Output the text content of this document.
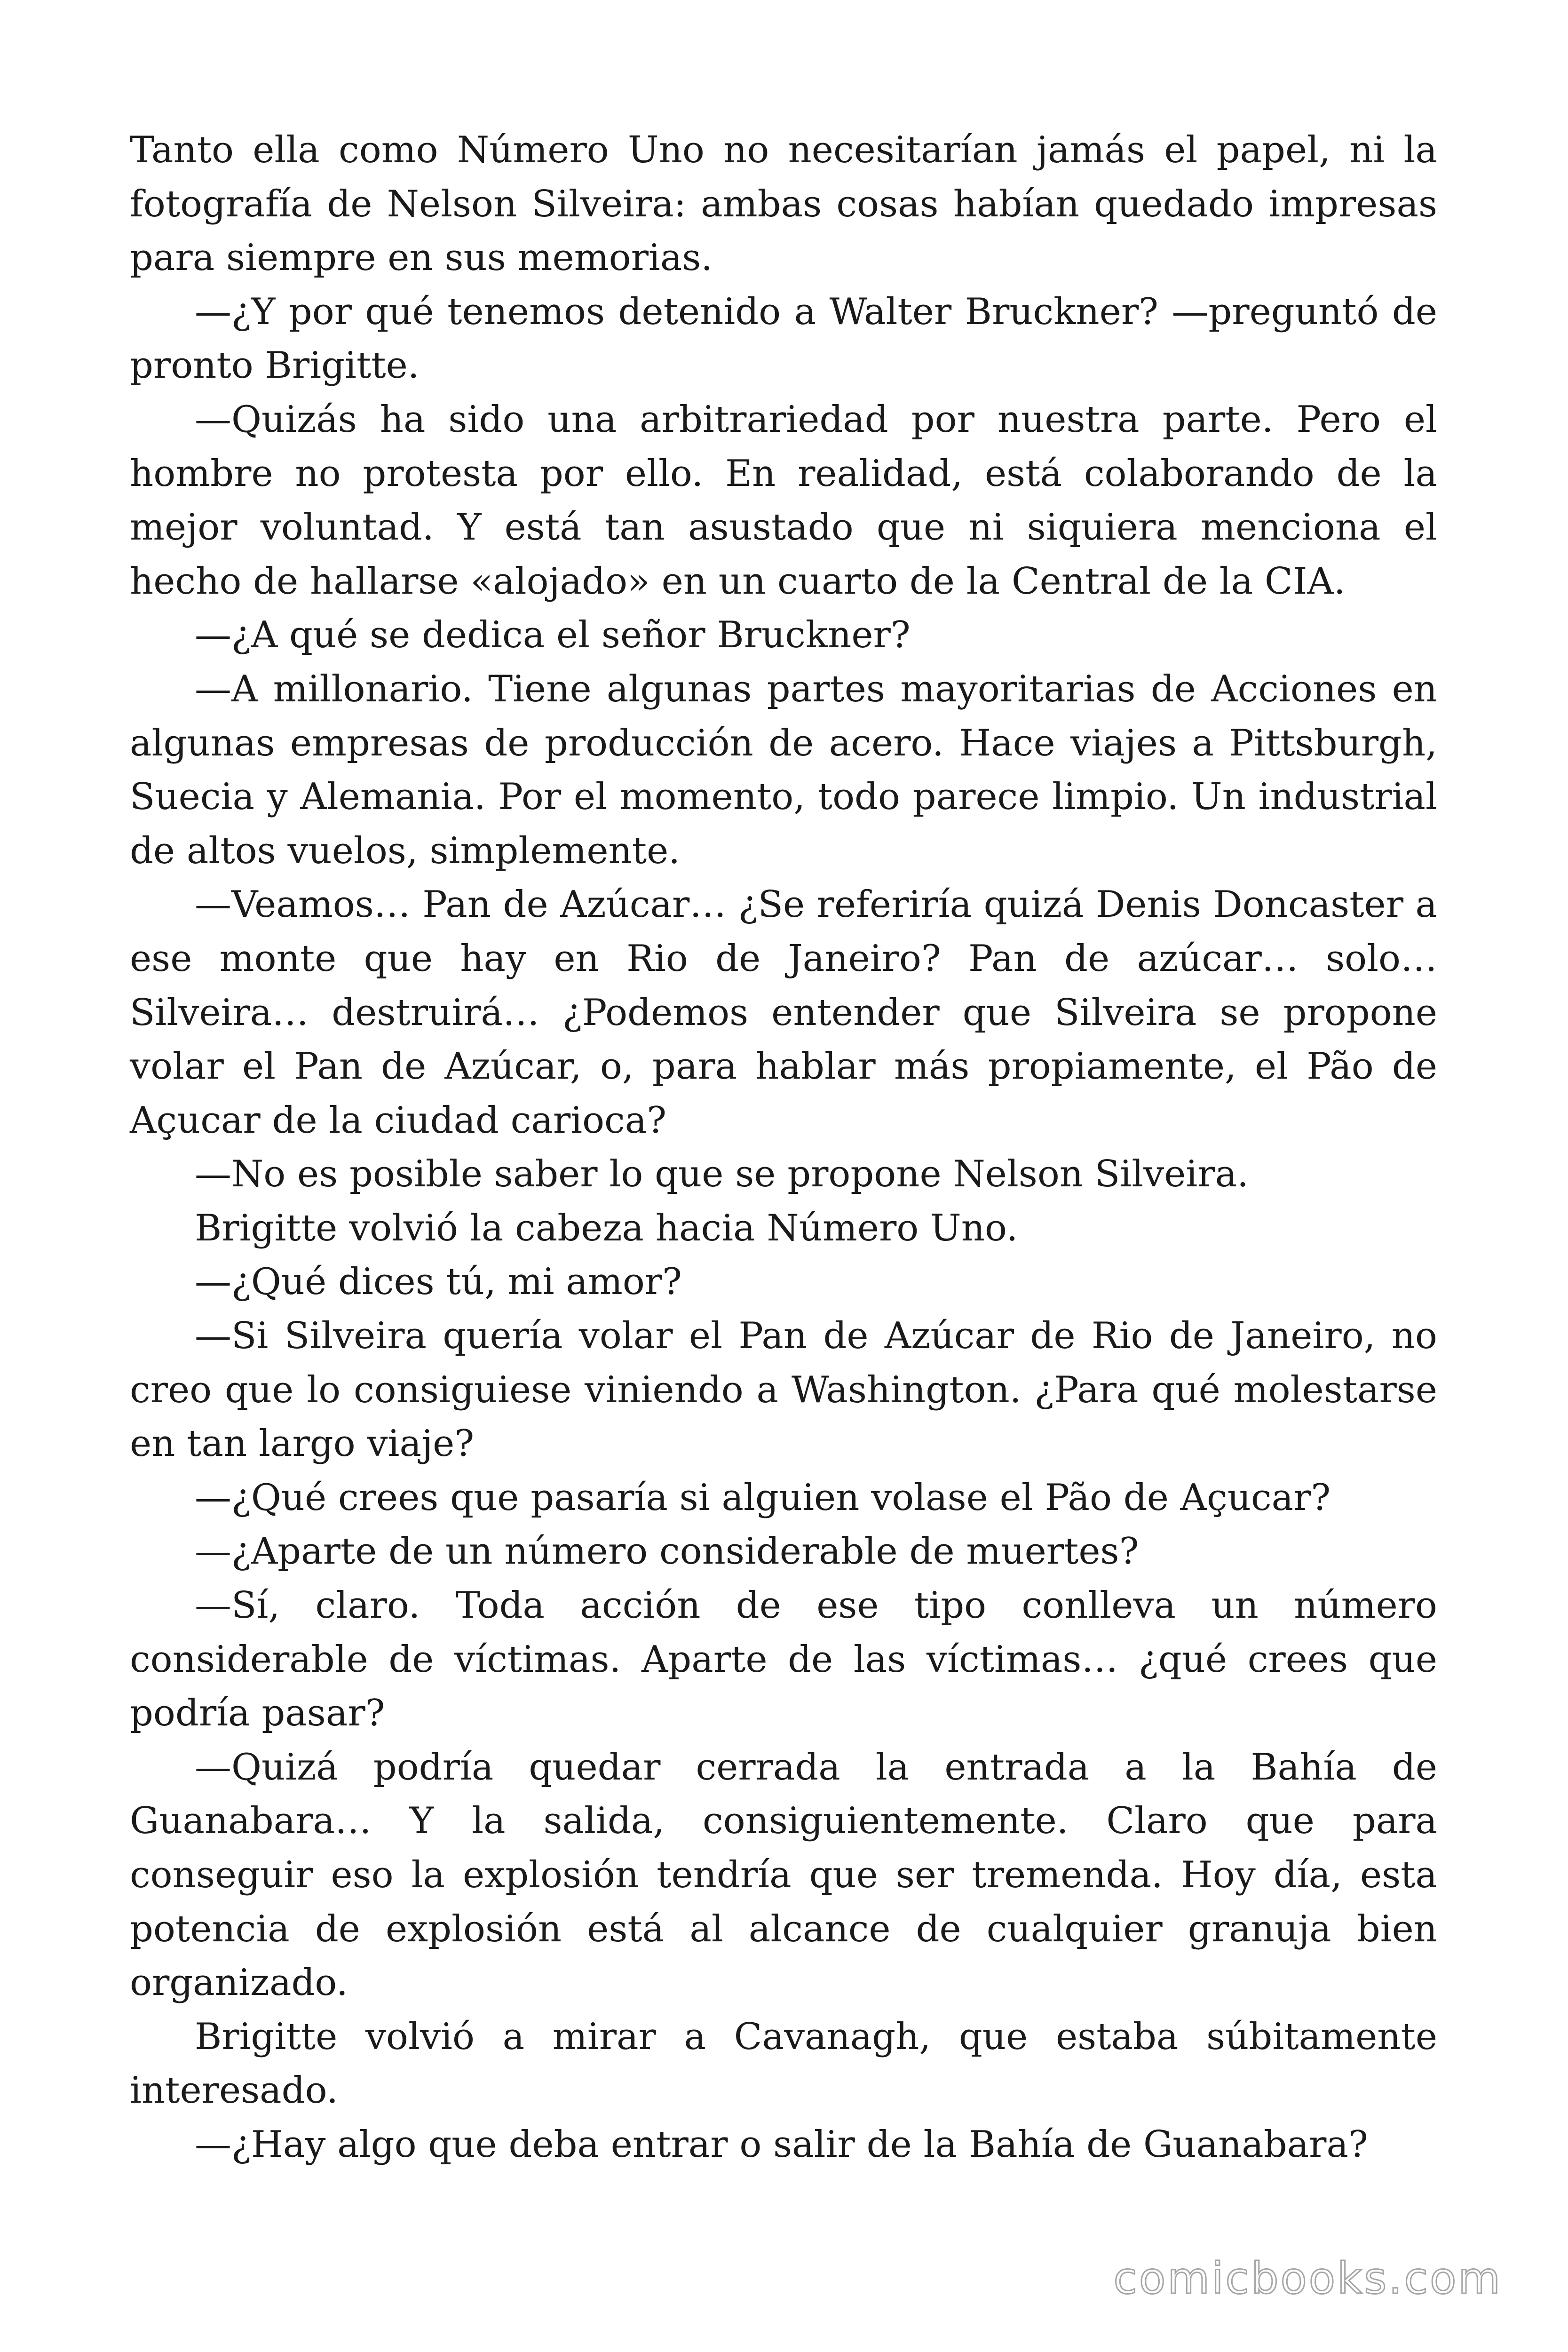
Tanto ella como Número Uno no necesitarían jamás el papel, ni la fotografía de Nelson Silveira: ambas cosas habían quedado impresas para siempre en sus memorias.

—¿Y por qué tenemos detenido a Walter Bruckner? —preguntó de pronto Brigitte.

—Quizás ha sido una arbitrariedad por nuestra parte. Pero el hombre no protesta por ello. En realidad, está colaborando de la mejor voluntad. Y está tan asustado que ni siquiera menciona el hecho de hallarse «alojado» en un cuarto de la Central de la CIA.

—¿A qué se dedica el señor Bruckner?

—A millonario. Tiene algunas partes mayoritarias de Acciones en algunas empresas de producción de acero. Hace viajes a Pittsburgh, Suecia y Alemania. Por el momento, todo parece limpio. Un industrial de altos vuelos, simplemente.

—Veamos… Pan de Azúcar… ¿Se referiría quizá Denis Doncaster a ese monte que hay en Rio de Janeiro? Pan de azúcar… solo… Silveira… destruirá… ¿Podemos entender que Silveira se propone volar el Pan de Azúcar, o, para hablar más propiamente, el Pão de Açucar de la ciudad carioca?

—No es posible saber lo que se propone Nelson Silveira.

Brigitte volvió la cabeza hacia Número Uno.

—¿Qué dices tú, mi amor?

—Si Silveira quería volar el Pan de Azúcar de Rio de Janeiro, no creo que lo consiguiese viniendo a Washington. ¿Para qué molestarse en tan largo viaje?

—¿Qué crees que pasaría si alguien volase el Pão de Açucar?

—¿Aparte de un número considerable de muertes?

—Sí, claro. Toda acción de ese tipo conlleva un número considerable de víctimas. Aparte de las víctimas… ¿qué crees que podría pasar?

—Quizá podría quedar cerrada la entrada a la Bahía de Guanabara… Y la salida, consiguientemente. Claro que para conseguir eso la explosión tendría que ser tremenda. Hoy día, esta potencia de explosión está al alcance de cualquier granuja bien organizado.

Brigitte volvió a mirar a Cavanagh, que estaba súbitamente interesado.

—¿Hay algo que deba entrar o salir de la Bahía de Guanabara?

comicbooks.com
